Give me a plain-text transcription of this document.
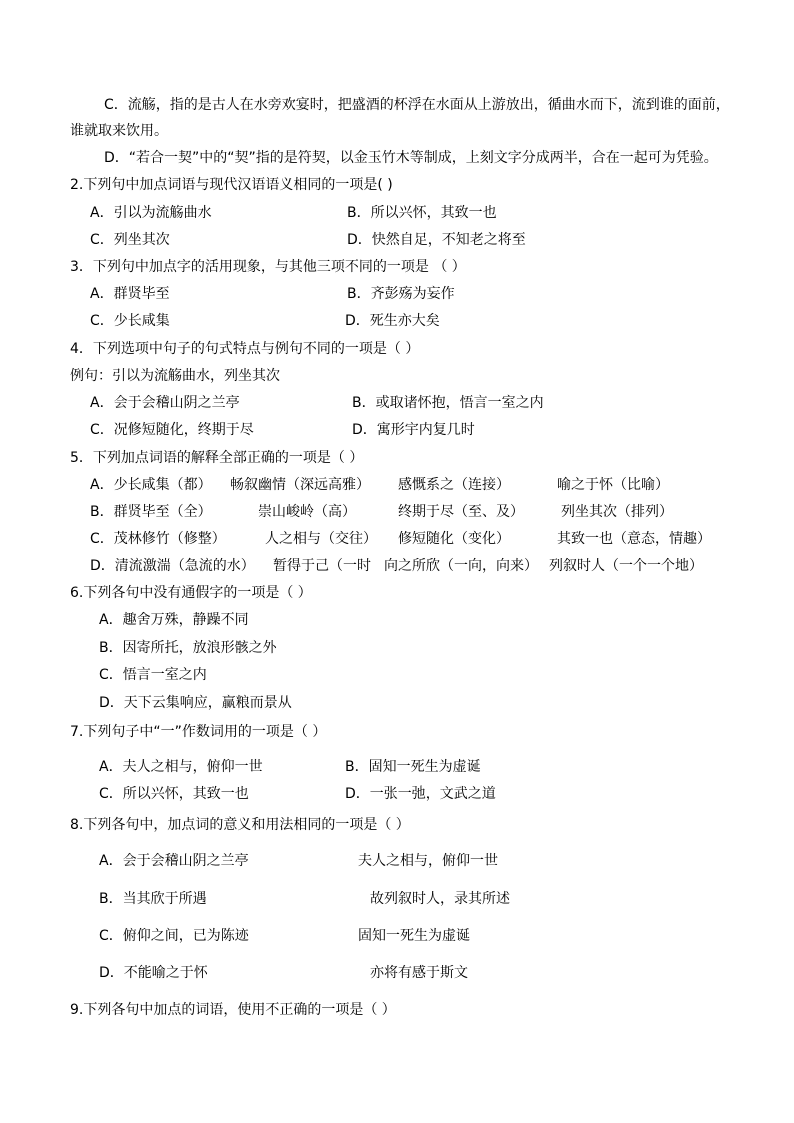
C．流觞，指的是古人在水旁欢宴时，把盛酒的杯浮在水面从上游放出，循曲水而下，流到谁的面前，
谁就取来饮用。
D．“若合一契”中的“契”指的是符契，以金玉竹木等制成，上刻文字分成两半，合在一起可为凭验。
2.下列句中加点词语与现代汉语语义相同的一项是( )
A．引以为流觞曲水	B．所以兴怀，其致一也
C．列坐其次	D．快然自足，不知老之将至
3．下列句中加点字的活用现象，与其他三项不同的一项是 （ ）
A．群贤毕至	B．齐彭殇为妄作
C．少长咸集	D．死生亦大矣
4．下列选项中句子的句式特点与例句不同的一项是（ ）
例句：引以为流觞曲水，列坐其次
A．会于会稽山阴之兰亭	B．或取诸怀抱，悟言一室之内
C．况修短随化，终期于尽	D．寓形宇内复几时
5．下列加点词语的解释全部正确的一项是（ ）
A．少长咸集（都） 畅叙幽情（深远高雅） 感慨系之（连接）	喻之于怀（比喻）
B．群贤毕至（全）	崇山峻岭（高）	终期于尽（至、及）	列坐其次（排列）
C．茂林修竹（修整）	人之相与（交往） 修短随化（变化）	其致一也（意态，情趣）
D．清流激湍（急流的水） 暂得于己（一时 向之所欣（一向，向来） 列叙时人（一个一个地）
6.下列各句中没有通假字的一项是（ ）
A．趣舍万殊，静躁不同
B．因寄所托，放浪形骸之外
C．悟言一室之内
D．天下云集响应，赢粮而景从
7.下列句子中“一”作数词用的一项是（ ）
A．夫人之相与，俯仰一世	B．固知一死生为虚诞
C．所以兴怀，其致一也	D．一张一弛，文武之道
8.下列各句中，加点词的意义和用法相同的一项是（ ）
A．会于会稽山阴之兰亭	夫人之相与，俯仰一世
B．当其欣于所遇	故列叙时人，录其所述
C．俯仰之间，已为陈迹	固知一死生为虚诞
D．不能喻之于怀	亦将有感于斯文
9.下列各句中加点的词语，使用不正确的一项是（ ）
